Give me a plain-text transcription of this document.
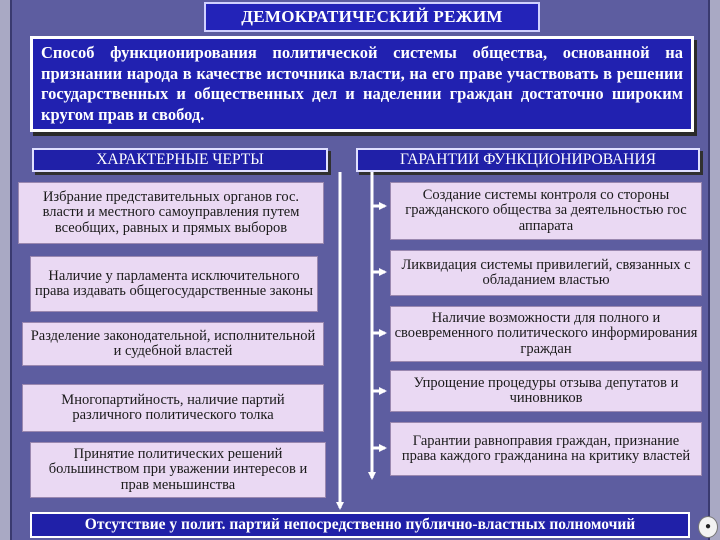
ДЕМОКРАТИЧЕСКИЙ РЕЖИМ
Способ функционирования политической системы общества, основанной на признании народа в качестве источника власти, на его праве участвовать в решении государственных и общественных дел и наделении граждан достаточно широким кругом прав и свобод.
ХАРАКТЕРНЫЕ ЧЕРТЫ	ГАРАНТИИ ФУНКЦИОНИРОВАНИЯ
Избрание представительных органов гос. власти и местного самоуправления путем всеобщих, равных и прямых выборов
Наличие у парламента исключительного права издавать общегосударственные законы
Разделение законодательной, исполнительной и судебной властей
Многопартийность, наличие партий различного политического толка
Принятие политических решений большинством при уважении интересов и прав меньшинства
Создание системы контроля со стороны гражданского общества за деятельностью гос аппарата
Ликвидация системы привилегий, связанных с обладанием властью
Наличие возможности для полного и своевременного политического информирования граждан
Упрощение процедуры отзыва депутатов и чиновников
Гарантии равноправия граждан, признание права каждого гражданина на критику властей
Отсутствие у полит. партий непосредственно публично-властных полномочий	●
